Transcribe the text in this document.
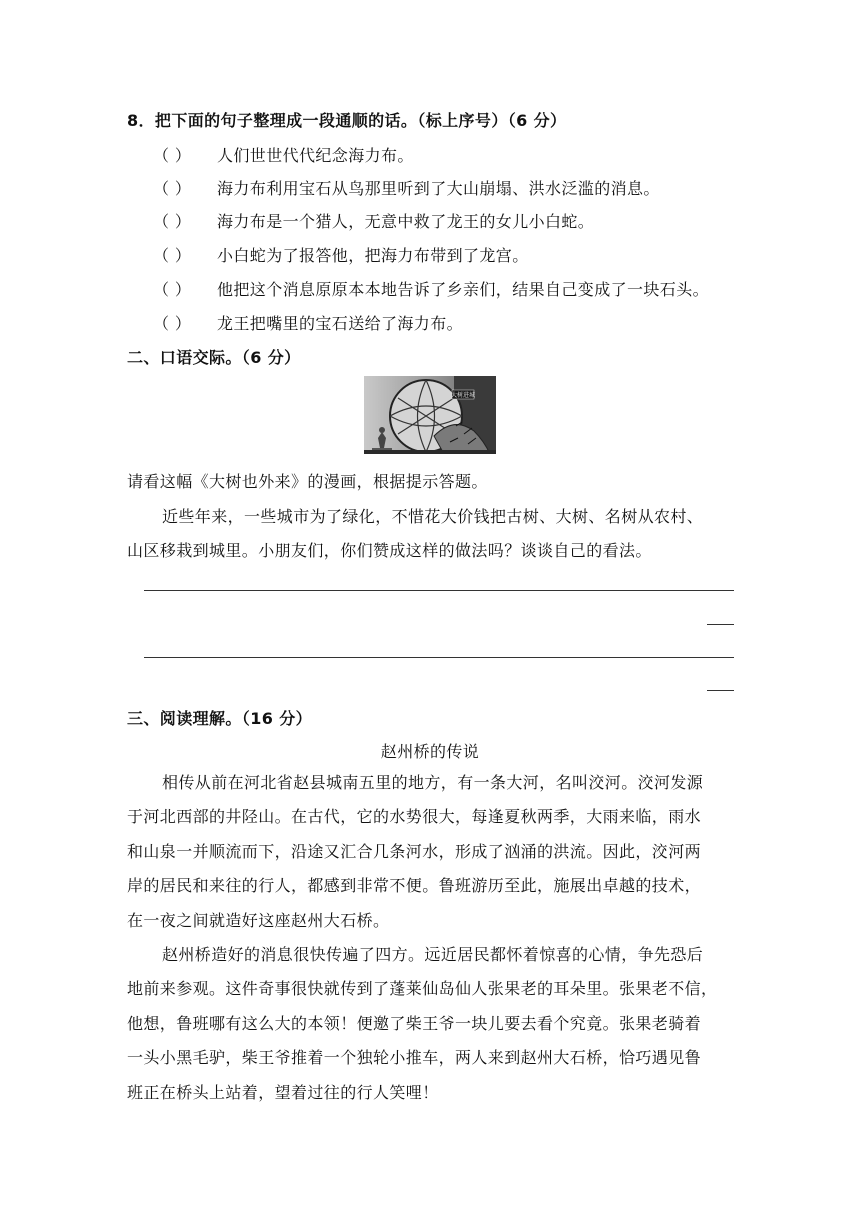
8．把下面的句子整理成一段通顺的话。（标上序号）（6 分）
（ ） 人们世世代代纪念海力布。
（ ） 海力布利用宝石从鸟那里听到了大山崩塌、洪水泛滥的消息。
（ ） 海力布是一个猎人，无意中救了龙王的女儿小白蛇。
（ ） 小白蛇为了报答他，把海力布带到了龙宫。
（ ） 他把这个消息原原本本地告诉了乡亲们，结果自己变成了一块石头。
（ ） 龙王把嘴里的宝石送给了海力布。
二、口语交际。（6 分）
大树进城
请看这幅《大树也外来》的漫画，根据提示答题。
近些年来，一些城市为了绿化，不惜花大价钱把古树、大树、名树从农村、
山区移栽到城里。小朋友们，你们赞成这样的做法吗？谈谈自己的看法。
三、阅读理解。（16 分）
赵州桥的传说
相传从前在河北省赵县城南五里的地方，有一条大河，名叫洨河。洨河发源
于河北西部的井陉山。在古代，它的水势很大，每逢夏秋两季，大雨来临，雨水
和山泉一并顺流而下，沿途又汇合几条河水，形成了汹涌的洪流。因此，洨河两
岸的居民和来往的行人，都感到非常不便。鲁班游历至此，施展出卓越的技术，
在一夜之间就造好这座赵州大石桥。
赵州桥造好的消息很快传遍了四方。远近居民都怀着惊喜的心情，争先恐后
地前来参观。这件奇事很快就传到了蓬莱仙岛仙人张果老的耳朵里。张果老不信，
他想，鲁班哪有这么大的本领！便邀了柴王爷一块儿要去看个究竟。张果老骑着
一头小黑毛驴，柴王爷推着一个独轮小推车，两人来到赵州大石桥，恰巧遇见鲁
班正在桥头上站着，望着过往的行人笑哩！
